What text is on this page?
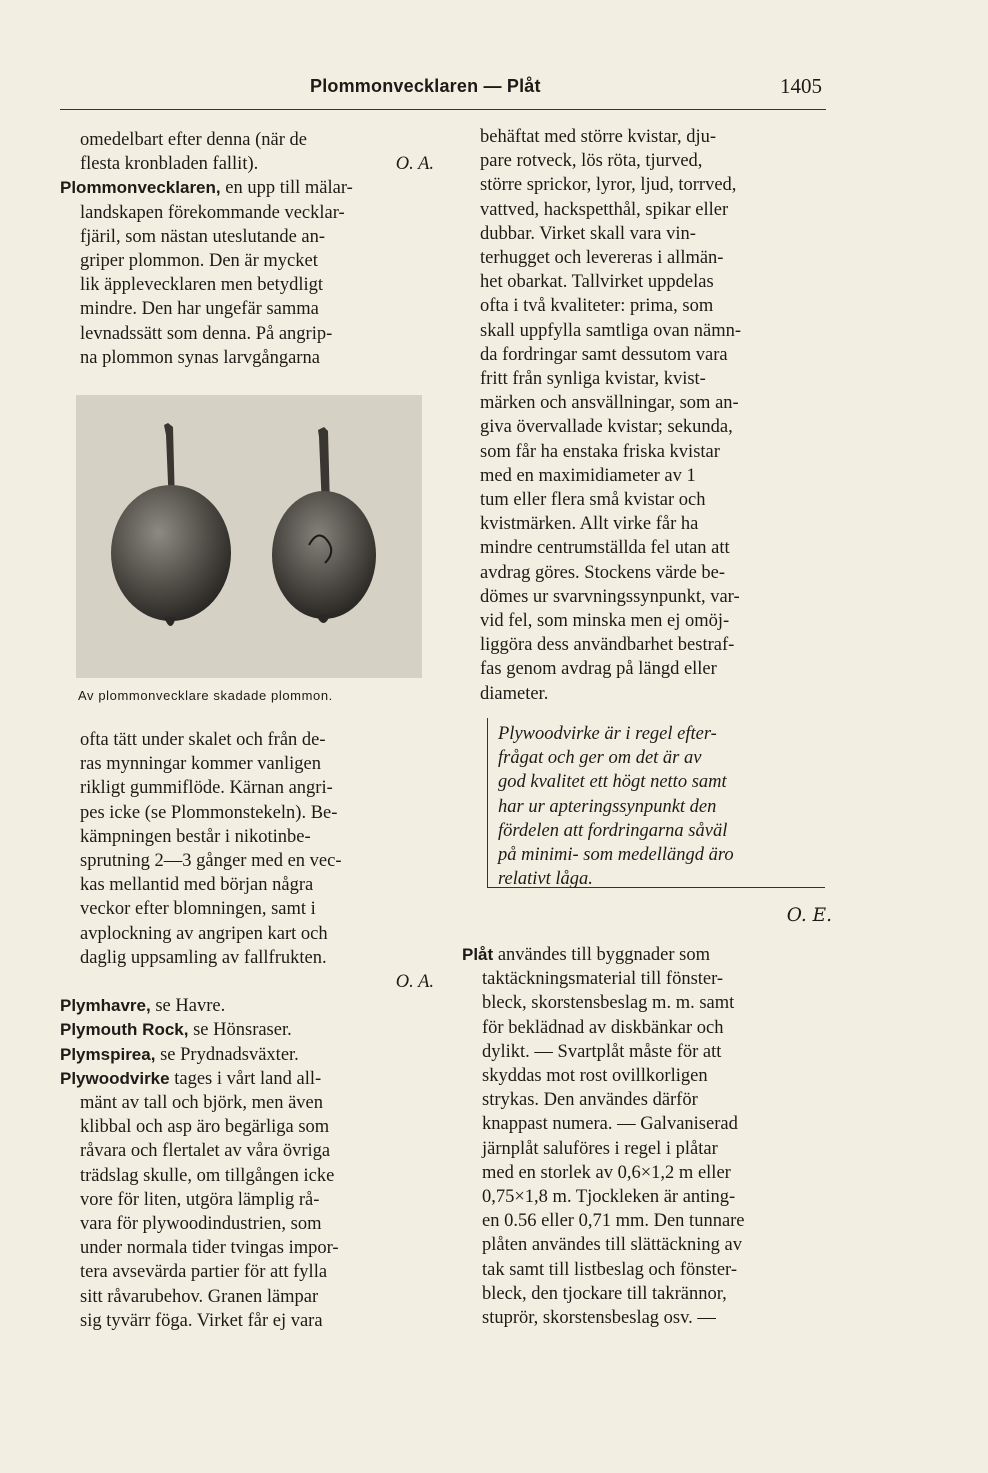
Plommonvecklaren — Plåt	1405

omedelbart efter denna (när de

flesta kronbladen fallit).	O. A.

Plommonvecklaren, en upp till mälar-

landskapen förekommande vecklar-

fjäril, som nästan uteslutande an-

griper plommon. Den är mycket

lik äpplevecklaren men betydligt

mindre. Den har ungefär samma

levnadssätt som denna. På angrip-

na plommon synas larvgångarna

Av plommonvecklare skadade plommon.

ofta tätt under skalet och från de-

ras mynningar kommer vanligen

rikligt gummiflöde. Kärnan angri-

pes icke (se Plommonstekeln). Be-

kämpningen består i nikotinbe-

sprutning 2—3 gånger med en vec-

kas mellantid med början några

veckor efter blomningen, samt i

avplockning av angripen kart och

daglig uppsamling av fallfrukten.

O. A.

Plymhavre, se Havre.

Plymouth Rock, se Hönsraser.

Plymspirea, se Prydnadsväxter.

Plywoodvirke tages i vårt land all-

mänt av tall och björk, men även

klibbal och asp äro begärliga som

råvara och flertalet av våra övriga

trädslag skulle, om tillgången icke

vore för liten, utgöra lämplig rå-

vara för plywoodindustrien, som

under normala tider tvingas impor-

tera avsevärda partier för att fylla

sitt råvarubehov. Granen lämpar

sig tyvärr föga. Virket får ej vara

behäftat med större kvistar, dju-

pare rotveck, lös röta, tjurved,

större sprickor, lyror, ljud, torrved,

vattved, hackspetthål, spikar eller

dubbar. Virket skall vara vin-

terhugget och levereras i allmän-

het obarkat. Tallvirket uppdelas

ofta i två kvaliteter: prima, som

skall uppfylla samtliga ovan nämn-

da fordringar samt dessutom vara

fritt från synliga kvistar, kvist-

märken och ansvällningar, som an-

giva övervallade kvistar; sekunda,

som får ha enstaka friska kvistar

med en maximidiameter av 1

tum eller flera små kvistar och

kvistmärken. Allt virke får ha

mindre centrumställda fel utan att

avdrag göres. Stockens värde be-

dömes ur svarvningssynpunkt, var-

vid fel, som minska men ej omöj-

liggöra dess användbarhet bestraf-

fas genom avdrag på längd eller

diameter.

Plywoodvirke är i regel efter-

frågat och ger om det är av

god kvalitet ett högt netto samt

har ur apteringssynpunkt den

fördelen att fordringarna såväl

på minimi- som medellängd äro

relativt låga.

O. E.

Plåt användes till byggnader som

taktäckningsmaterial till fönster-

bleck, skorstensbeslag m. m. samt

för beklädnad av diskbänkar och

dylikt. — Svartplåt måste för att

skyddas mot rost ovillkorligen

strykas. Den användes därför

knappast numera. — Galvaniserad

järnplåt saluföres i regel i plåtar

med en storlek av 0,6×1,2 m eller

0,75×1,8 m. Tjockleken är anting-

en 0.56 eller 0,71 mm. Den tunnare

plåten användes till slättäckning av

tak samt till listbeslag och fönster-

bleck, den tjockare till takrännor,

stuprör, skorstensbeslag osv. —
